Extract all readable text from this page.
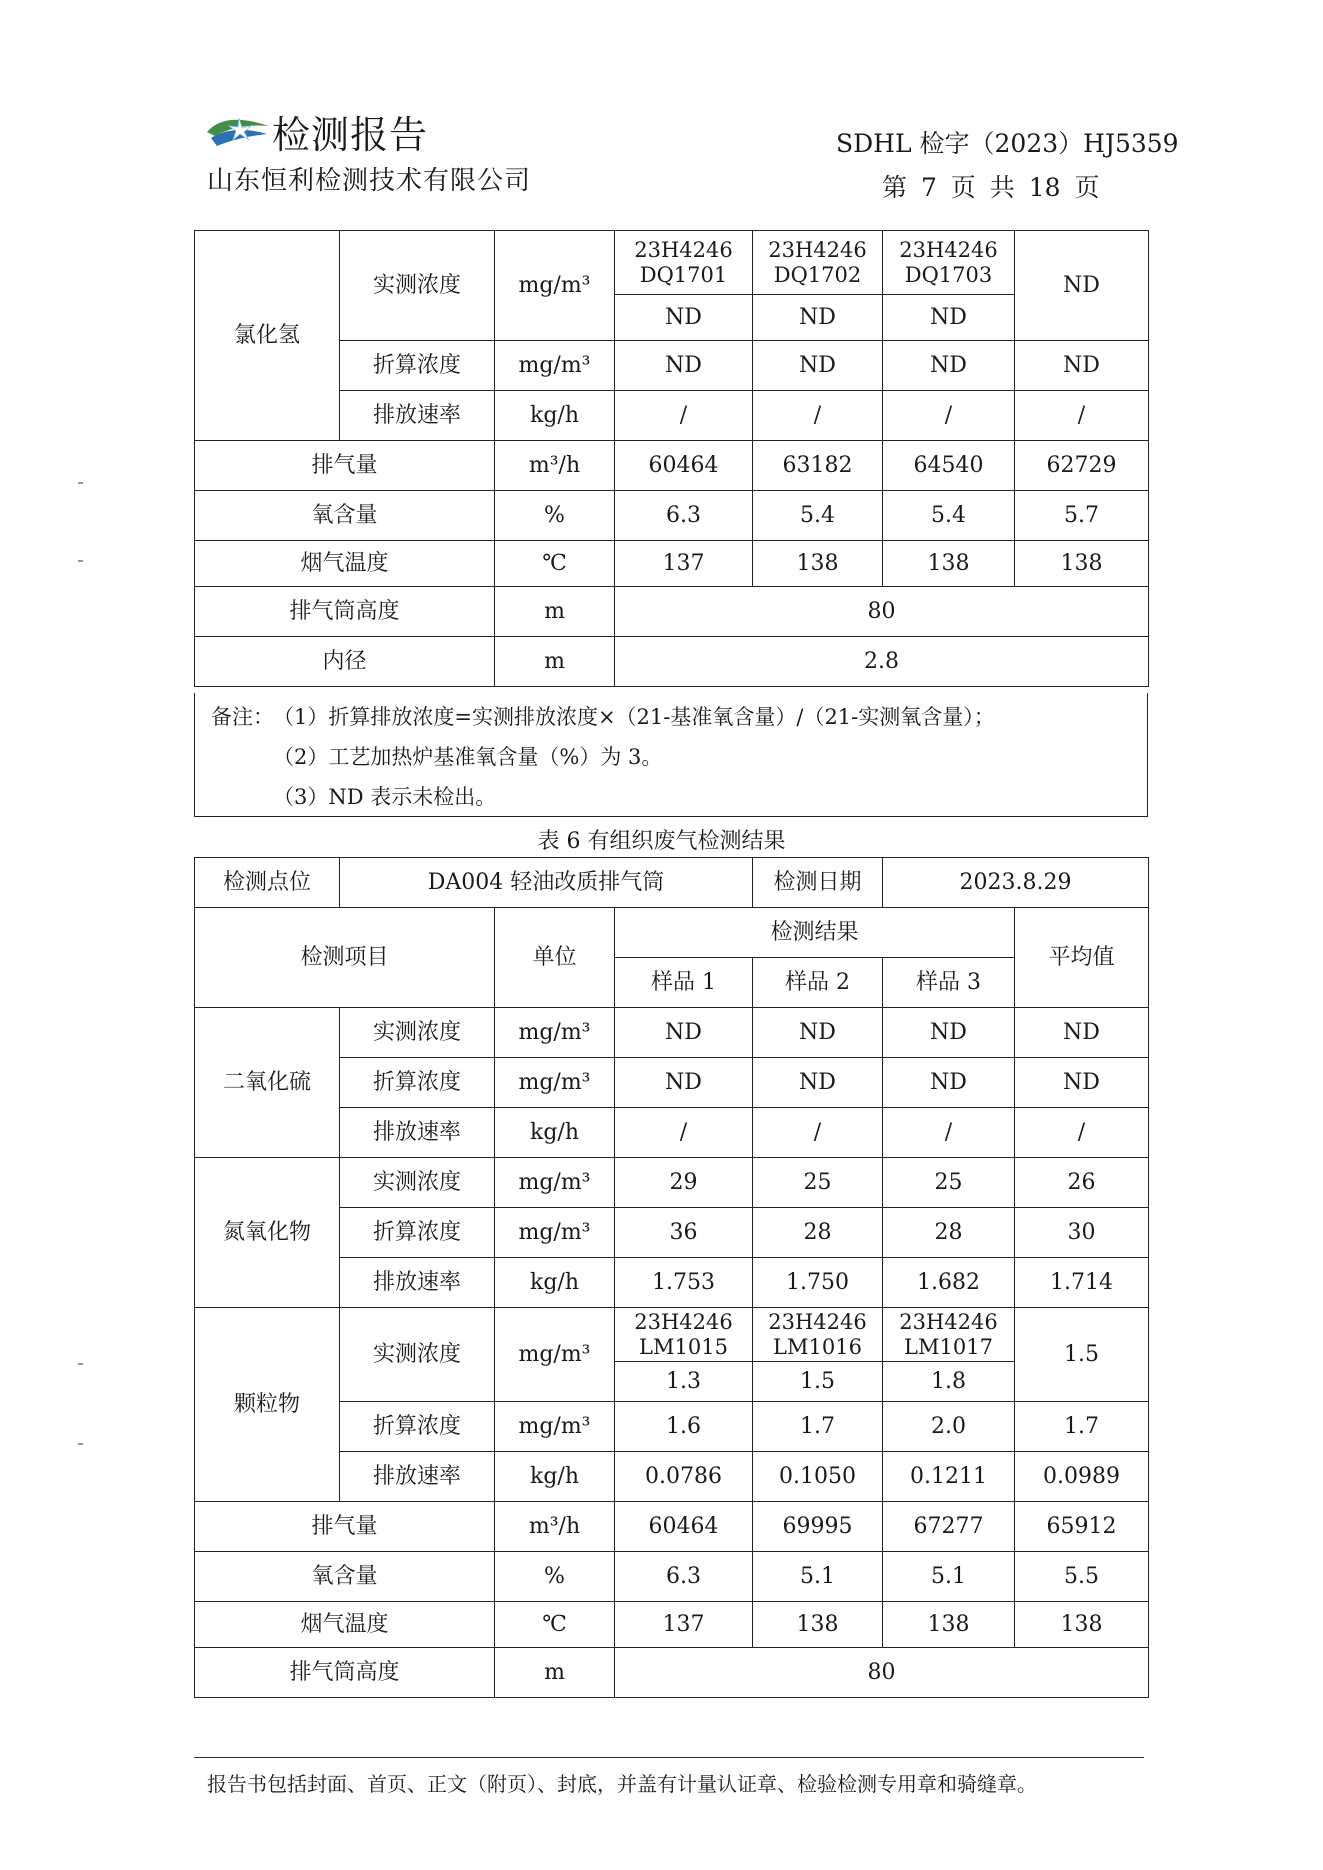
检测报告
山东恒利检测技术有限公司
SDHL 检字（2023）HJ5359
第 7 页 共 18 页
氯化氢	实测浓度	mg/m³	23H4246 DQ1701	23H4246 DQ1702	23H4246 DQ1703	ND
			ND	ND	ND	
	折算浓度	mg/m³	ND	ND	ND	ND
	排放速率	kg/h	/	/	/	/
排气量		m³/h	60464	63182	64540	62729
氧含量		%	6.3	5.4	5.4	5.7
烟气温度		℃	137	138	138	138
排气筒高度		m	80			
内径		m	2.8			
备注： （1）折算排放浓度=实测排放浓度×（21-基准氧含量）/（21-实测氧含量）；
（2）工艺加热炉基准氧含量（%）为 3。
（3）ND 表示未检出。
表 6 有组织废气检测结果
检测点位	DA004 轻油改质排气筒			检测日期	2023.8.29	
检测项目		单位	检测结果			平均值
			样品 1	样品 2	样品 3	
二氧化硫	实测浓度	mg/m³	ND	ND	ND	ND
	折算浓度	mg/m³	ND	ND	ND	ND
	排放速率	kg/h	/	/	/	/
氮氧化物	实测浓度	mg/m³	29	25	25	26
	折算浓度	mg/m³	36	28	28	30
	排放速率	kg/h	1.753	1.750	1.682	1.714
颗粒物	实测浓度	mg/m³	23H4246 LM1015	23H4246 LM1016	23H4246 LM1017	1.5
			1.3	1.5	1.8	
	折算浓度	mg/m³	1.6	1.7	2.0	1.7
	排放速率	kg/h	0.0786	0.1050	0.1211	0.0989
排气量		m³/h	60464	69995	67277	65912
氧含量		%	6.3	5.1	5.1	5.5
烟气温度		℃	137	138	138	138
排气筒高度		m	80			
报告书包括封面、首页、正文（附页）、封底，并盖有计量认证章、检验检测专用章和骑缝章。
